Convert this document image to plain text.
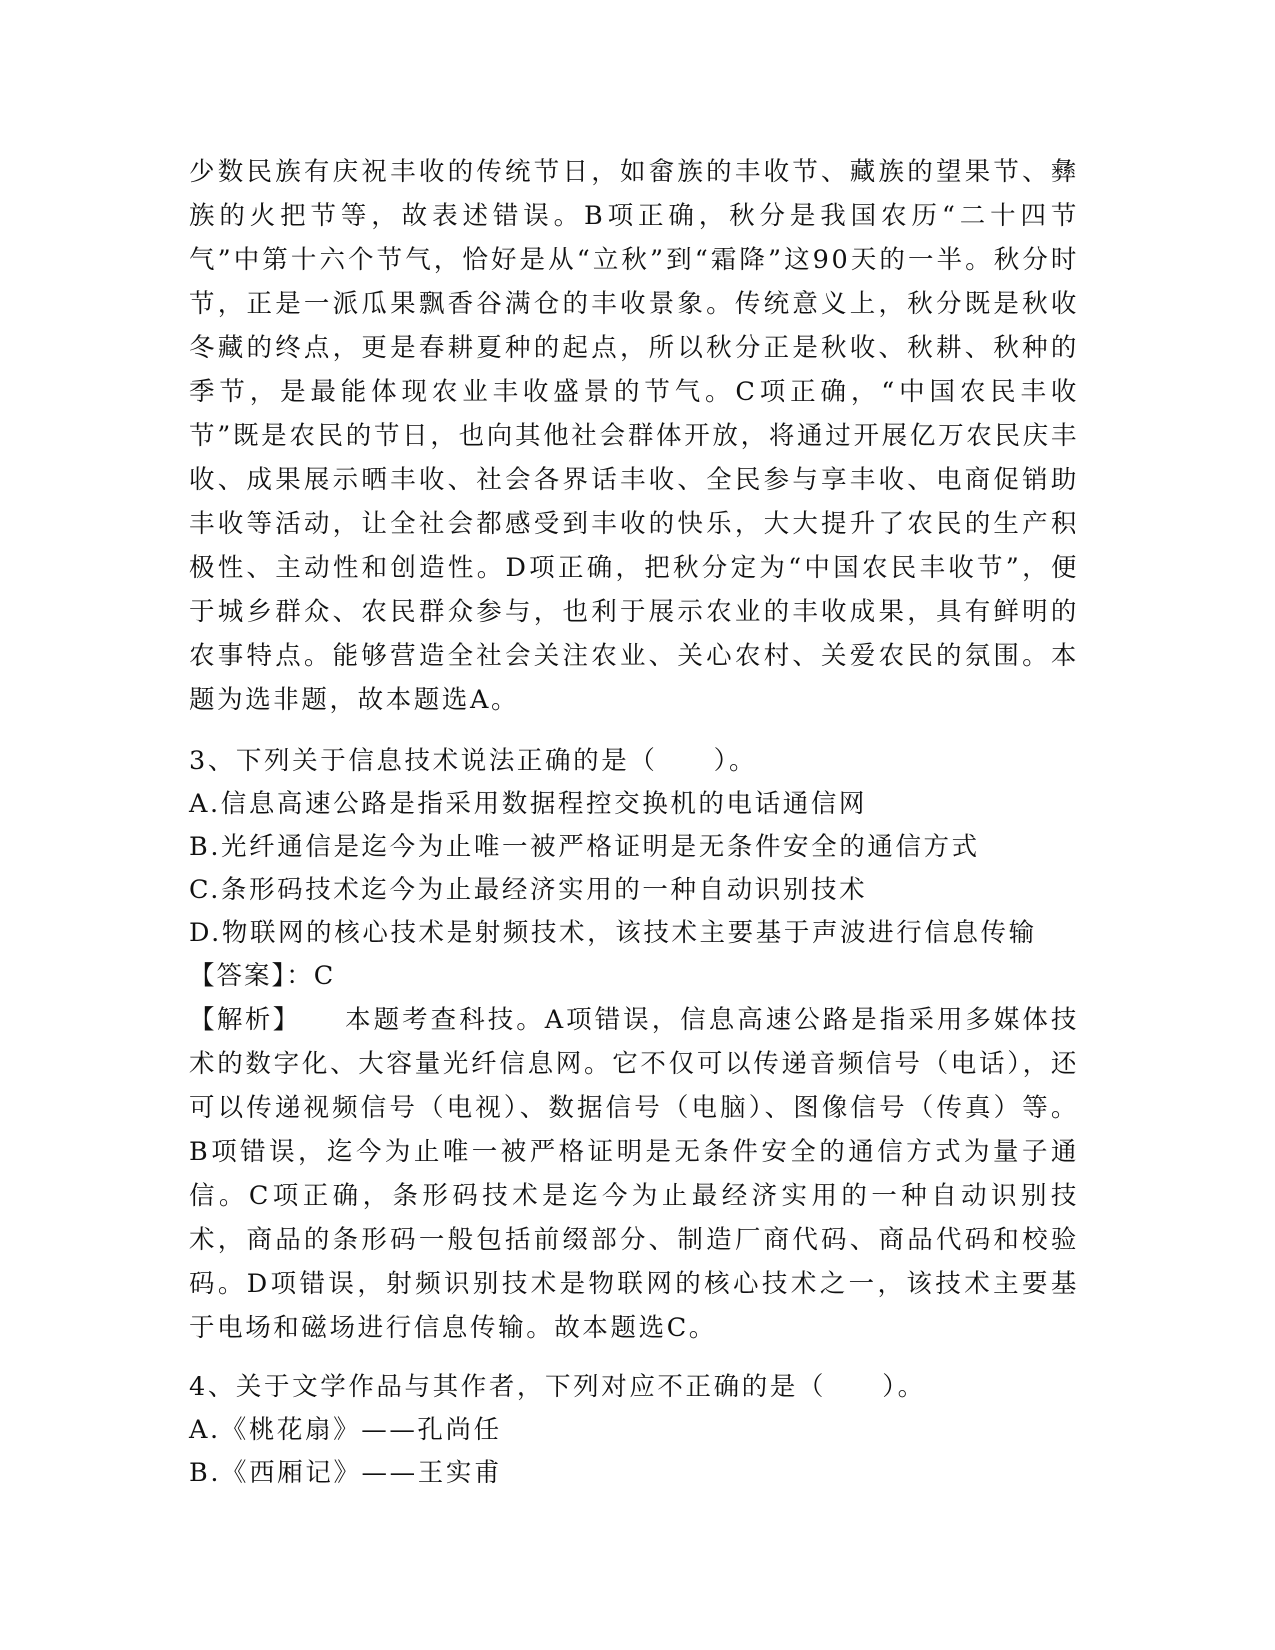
少数民族有庆祝丰收的传统节日，如畲族的丰收节、藏族的望果节、彝族的火把节等，故表述错误。B项正确，秋分是我国农历“二十四节气”中第十六个节气，恰好是从“立秋”到“霜降”这90天的一半。秋分时节，正是一派瓜果飘香谷满仓的丰收景象。传统意义上，秋分既是秋收冬藏的终点，更是春耕夏种的起点，所以秋分正是秋收、秋耕、秋种的季节，是最能体现农业丰收盛景的节气。C项正确，“中国农民丰收节”既是农民的节日，也向其他社会群体开放，将通过开展亿万农民庆丰收、成果展示晒丰收、社会各界话丰收、全民参与享丰收、电商促销助丰收等活动，让全社会都感受到丰收的快乐，大大提升了农民的生产积极性、主动性和创造性。D项正确，把秋分定为“中国农民丰收节”，便于城乡群众、农民群众参与，也利于展示农业的丰收成果，具有鲜明的农事特点。能够营造全社会关注农业、关心农村、关爱农民的氛围。本题为选非题，故本题选A。

3、下列关于信息技术说法正确的是（　　）。

A.信息高速公路是指采用数据程控交换机的电话通信网

B.光纤通信是迄今为止唯一被严格证明是无条件安全的通信方式

C.条形码技术迄今为止最经济实用的一种自动识别技术

D.物联网的核心技术是射频技术，该技术主要基于声波进行信息传输

【答案】：C

【解析】 本题考查科技。A项错误，信息高速公路是指采用多媒体技术的数字化、大容量光纤信息网。它不仅可以传递音频信号（电话），还可以传递视频信号（电视）、数据信号（电脑）、图像信号（传真）等。B项错误，迄今为止唯一被严格证明是无条件安全的通信方式为量子通信。C项正确，条形码技术是迄今为止最经济实用的一种自动识别技术，商品的条形码一般包括前缀部分、制造厂商代码、商品代码和校验码。D项错误，射频识别技术是物联网的核心技术之一，该技术主要基于电场和磁场进行信息传输。故本题选C。

4、关于文学作品与其作者，下列对应不正确的是（　　）。

A.《桃花扇》——孔尚任

B.《西厢记》——王实甫
